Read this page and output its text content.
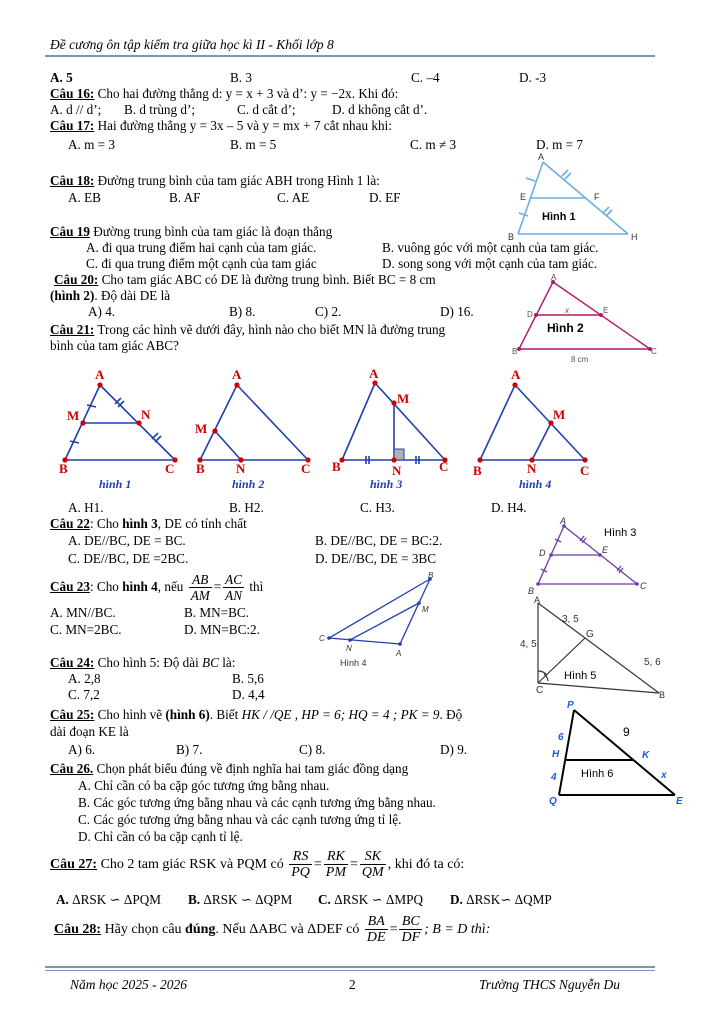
Đề cương ôn tập kiểm tra giữa học kì II - Khối lớp 8
A. 5	B. 3	C. –4	D. -3
Câu 16: Cho hai đường thẳng d: y = x + 3 và d’: y = −2x. Khi đó:
A. d // d’; B. d trùng d’;	C. d cắt d’;	D. d không cắt d’.
Câu 17: Hai đường thẳng y = 3x – 5 và y = mx + 7 cắt nhau khi:
A. m = 3	B. m = 5	C. m ≠ 3	D. m = 7
A
E	F
B	H
Hình 1
Câu 18: Đường trung bình của tam giác ABH trong Hình 1 là:
A. EB	B. AF	C. AE	D. EF
Câu 19 Đường trung bình của tam giác là đoạn thẳng
A. đi qua trung điểm hai cạnh của tam giác.	B. vuông góc với một cạnh của tam giác.
C. đi qua trung điểm một cạnh của tam giác	D. song song với một cạnh của tam giác.
Câu 20: Cho tam giác ABC có DE là đường trung bình. Biết BC = 8 cm
(hình 2). Độ dài DE là
A) 4.	B) 8.	C) 2.	D) 16.
A
D	E
B	C
x
Hình 2
8 cm
Câu 21: Trong các hình vẽ dưới đây, hình nào cho biết MN là đường trung
bình của tam giác ABC?
A
M	N
B	C
hình 1
A
M
N
B	C
hình 2
A
M
N
B	C
hình 3
A
M
N
B	C
hình 4
A. H1.	B. H2.	C. H3.	D. H4.
Câu 22: Cho hình 3, DE có tính chất
A. DE//BC, DE = BC.	B. DE//BC, DE = BC:2.
C. DE//BC, DE =2BC.	D. DE//BC, DE = 3BC
A
D	E
B	C
Hình 3
Câu 23: Cho hình 4, nếu $\frac{AB}{AM} = \frac{AC}{AN}$ thì
A. MN//BC.	B. MN=BC.
C. MN=2BC.	D. MN=BC:2.
B
M
C
N
A
Hình 4
A
G
C	B
3, 5
4, 5
5, 6
Hình 5
Câu 24: Cho hình 5: Độ dài BC là:
A. 2,8	B. 5,6
C. 7,2	D. 4,4
Câu 25: Cho hình vẽ (hình 6). Biết HK / /QE , HP = 6; HQ = 4 ; PK = 9. Độ
dài đoạn KE là
A) 6.	B) 7.	C) 8.	D) 9.
P
H	K
Q	E
6
4
9
x
Hình 6
Câu 26. Chọn phát biểu đúng về định nghĩa hai tam giác đồng dạng
A. Chỉ cần có ba cặp góc tương ứng bằng nhau.
B. Các góc tương ứng bằng nhau và các cạnh tương ứng bằng nhau.
C. Các góc tương ứng bằng nhau và các cạnh tương ứng tỉ lệ.
D. Chỉ cần có ba cặp cạnh tỉ lệ.
Câu 27: Cho 2 tam giác RSK và PQM có $\frac{RS}{PQ} = \frac{RK}{PM} = \frac{SK}{QM}$ , khi đó ta có:
A. ΔRSK ∽ ΔPQM B. ΔRSK ∽ ΔQPM C. ΔRSK ∽ ΔMPQ D. ΔRSK∽ ΔQMP
Câu 28: Hãy chọn câu đúng. Nếu ΔABC và ΔDEF có $\frac{BA}{DE} = \frac{BC}{DF}$ ; B = D thì:
Năm học 2025 - 2026	2	Trường THCS Nguyễn Du
